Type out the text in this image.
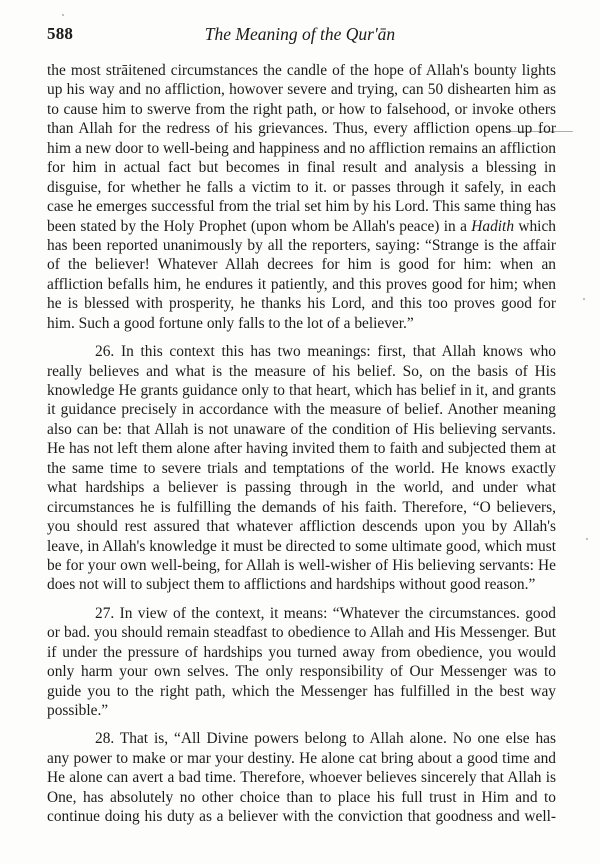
588	The Meaning of the Qur'ān
the most strāitened circumstances the candle of the hope of Allah's bounty lights
up his way and no affliction, howover severe and trying, can 50 dishearten him as
to cause him to swerve from the right path, or how to falsehood, or invoke others
than Allah for the redress of his grievances. Thus, every affliction opens up for
him a new door to well-being and happiness and no affliction remains an affliction
for him in actual fact but becomes in final result and analysis a blessing in
disguise, for whether he falls a victim to it. or passes through it safely, in each
case he emerges successful from the trial set him by his Lord. This same thing has
been stated by the Holy Prophet (upon whom be Allah's peace) in a Hadith which
has been reported unanimously by all the reporters, saying: “Strange is the affair
of the believer! Whatever Allah decrees for him is good for him: when an
affliction befalls him, he endures it patiently, and this proves good for him; when
he is blessed with prosperity, he thanks his Lord, and this too proves good for
him. Such a good fortune only falls to the lot of a believer.”
26. In this context this has two meanings: first, that Allah knows who
really believes and what is the measure of his belief. So, on the basis of His
knowledge He grants guidance only to that heart, which has belief in it, and grants
it guidance precisely in accordance with the measure of belief. Another meaning
also can be: that Allah is not unaware of the condition of His believing servants.
He has not left them alone after having invited them to faith and subjected them at
the same time to severe trials and temptations of the world. He knows exactly
what hardships a believer is passing through in the world, and under what
circumstances he is fulfilling the demands of his faith. Therefore, “O believers,
you should rest assured that whatever affliction descends upon you by Allah's
leave, in Allah's knowledge it must be directed to some ultimate good, which must
be for your own well-being, for Allah is well-wisher of His believing servants: He
does not will to subject them to afflictions and hardships without good reason.”
27. In view of the context, it means: “Whatever the circumstances. good
or bad. you should remain steadfast to obedience to Allah and His Messenger. But
if under the pressure of hardships you turned away from obedience, you would
only harm your own selves. The only responsibility of Our Messenger was to
guide you to the right path, which the Messenger has fulfilled in the best way
possible.”
28. That is, “All Divine powers belong to Allah alone. No one else has
any power to make or mar your destiny. He alone cat bring about a good time and
He alone can avert a bad time. Therefore, whoever believes sincerely that Allah is
One, has absolutely no other choice than to place his full trust in Him and to
continue doing his duty as a believer with the conviction that goodness and well-
